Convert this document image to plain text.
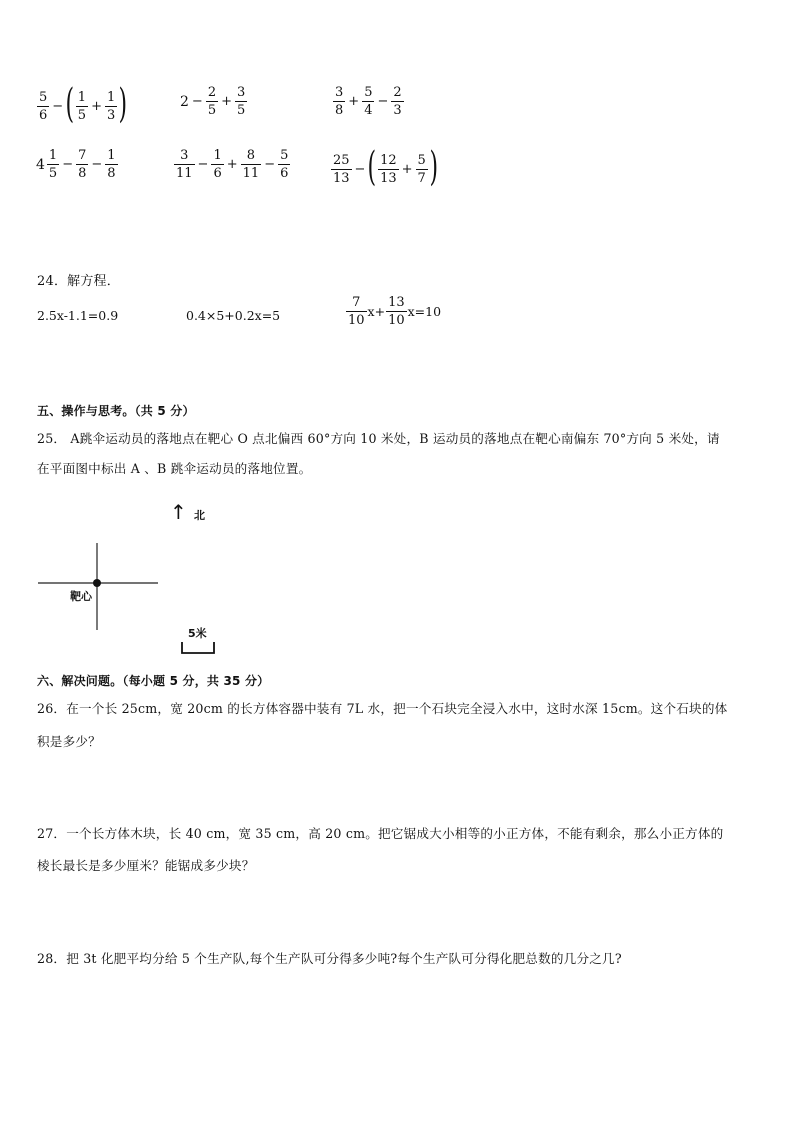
$\frac{5}{6}$ − ( $\frac{1}{5} + \frac{1}{3}$ )	$2 - \frac{2}{5} + \frac{3}{5}$	$\frac{3}{8} + \frac{5}{4} - \frac{2}{3}$
$4 \frac{1}{5} - \frac{7}{8} - \frac{1}{8}$	$\frac{3}{11} - \frac{1}{6} + \frac{8}{11} - \frac{5}{6}$	$\frac{25}{13}$ − ( $\frac{12}{13} + \frac{5}{7}$ )
24．解方程．
2.5x-1.1=0.9	0.4×5+0.2x=5	$\frac{7}{10} x+ \frac{13}{10} x=10$
五、操作与思考。（共 5 分）
25． A跳伞运动员的落地点在靶心 O 点北偏西 60°方向 10 米处，B 运动员的落地点在靶心南偏东 70°方向 5 米处，请
在平面图中标出 A 、B 跳伞运动员的落地位置。
↑ 北
靶心
5米
六、解决问题。（每小题 5 分，共 35 分）
26．在一个长 25cm，宽 20cm 的长方体容器中装有 7L 水，把一个石块完全浸入水中，这时水深 15cm。这个石块的体
积是多少？
27．一个长方体木块，长 40 cm，宽 35 cm，高 20 cm。把它锯成大小相等的小正方体，不能有剩余，那么小正方体的
棱长最长是多少厘米？能锯成多少块？
28．把 3t 化肥平均分给 5 个生产队,每个生产队可分得多少吨?每个生产队可分得化肥总数的几分之几?
